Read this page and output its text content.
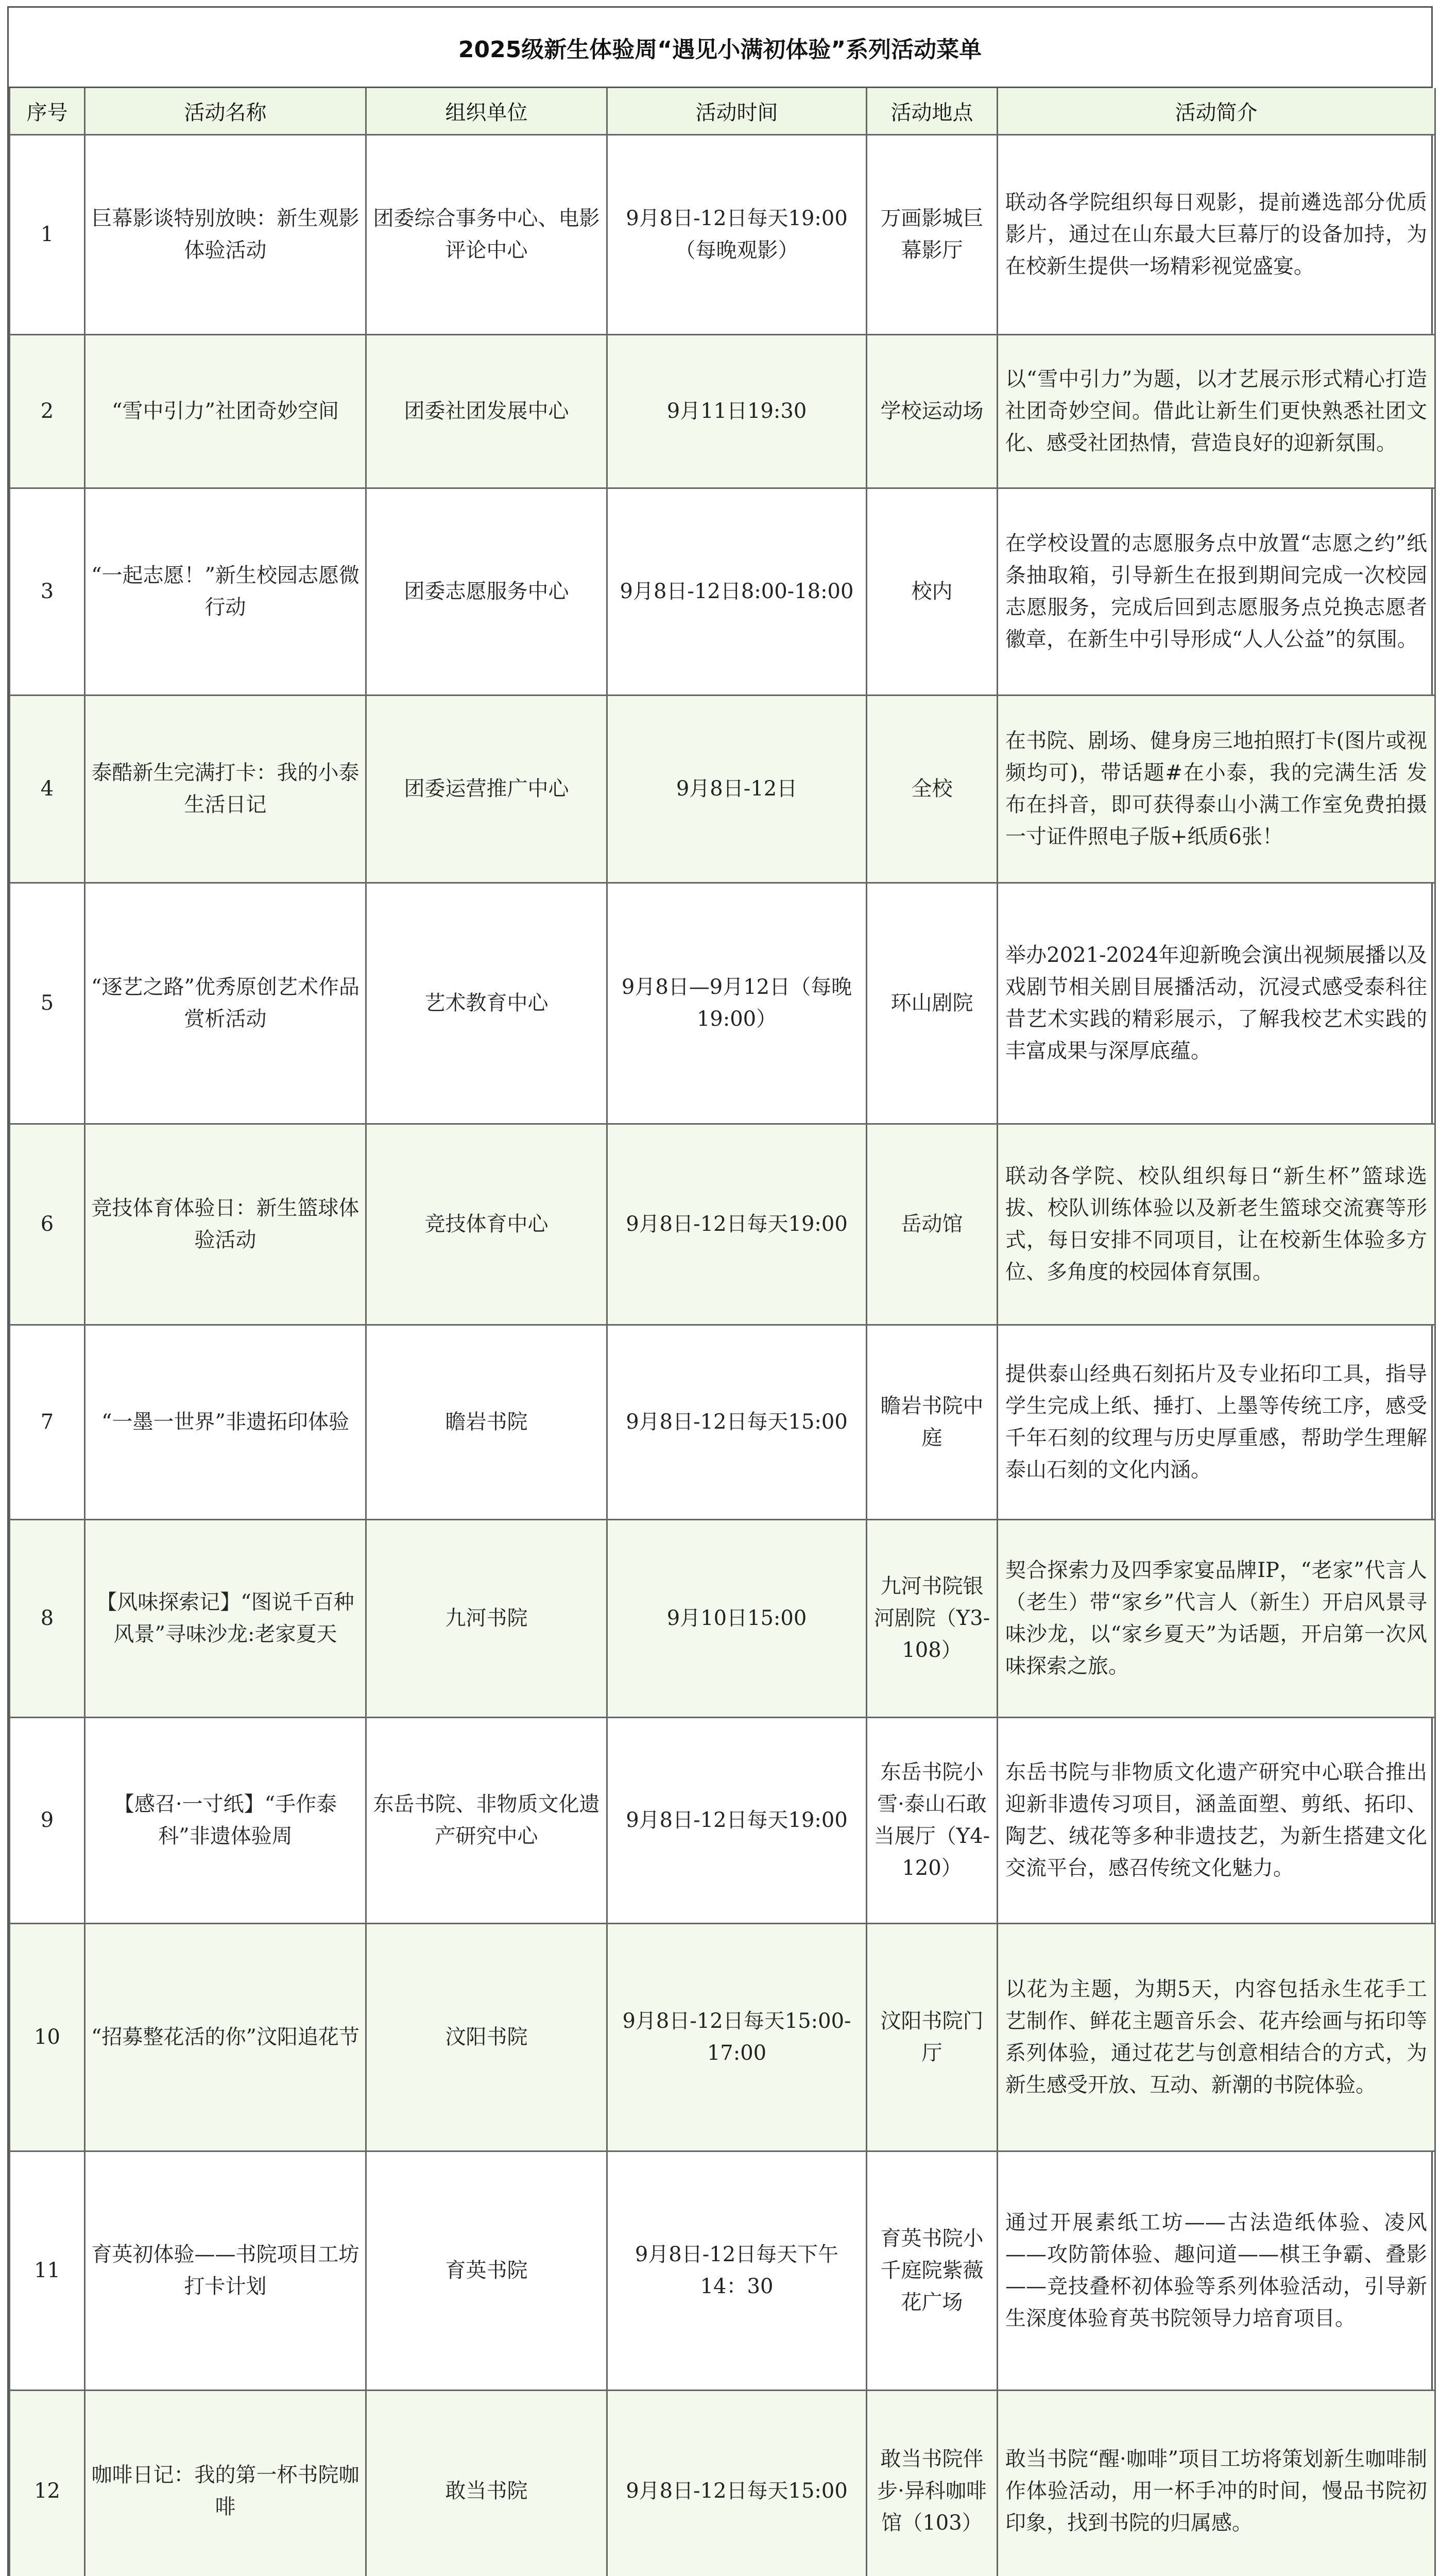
2025级新生体验周“遇见小满初体验”系列活动菜单
序号	活动名称	组织单位	活动时间	活动地点	活动简介
1	巨幕影谈特别放映：新生观影体验活动	团委综合事务中心、电影评论中心	9月8日-12日每天19:00（每晚观影）	万画影城巨幕影厅	联动各学院组织每日观影，提前遴选部分优质影片，通过在山东最大巨幕厅的设备加持，为在校新生提供一场精彩视觉盛宴。
2	“雪中引力”社团奇妙空间	团委社团发展中心	9月11日19:30	学校运动场	以“雪中引力”为题，以才艺展示形式精心打造社团奇妙空间。借此让新生们更快熟悉社团文化、感受社团热情，营造良好的迎新氛围。
3	“一起志愿！”新生校园志愿微行动	团委志愿服务中心	9月8日-12日8:00-18:00	校内	在学校设置的志愿服务点中放置“志愿之约”纸条抽取箱，引导新生在报到期间完成一次校园志愿服务，完成后回到志愿服务点兑换志愿者徽章，在新生中引导形成“人人公益”的氛围。
4	泰酷新生完满打卡：我的小泰生活日记	团委运营推广中心	9月8日-12日	全校	在书院、剧场、健身房三地拍照打卡(图片或视频均可)，带话题#在小泰，我的完满生活 发布在抖音，即可获得泰山小满工作室免费拍摄一寸证件照电子版+纸质6张！
5	“逐艺之路”优秀原创艺术作品赏析活动	艺术教育中心	9月8日—9月12日（每晚19:00）	环山剧院	举办2021-2024年迎新晚会演出视频展播以及戏剧节相关剧目展播活动，沉浸式感受泰科往昔艺术实践的精彩展示，了解我校艺术实践的丰富成果与深厚底蕴。
6	竞技体育体验日：新生篮球体验活动	竞技体育中心	9月8日-12日每天19:00	岳动馆	联动各学院、校队组织每日“新生杯”篮球选拔、校队训练体验以及新老生篮球交流赛等形式，每日安排不同项目，让在校新生体验多方位、多角度的校园体育氛围。
7	“一墨一世界”非遗拓印体验	瞻岩书院	9月8日-12日每天15:00	瞻岩书院中庭	提供泰山经典石刻拓片及专业拓印工具，指导学生完成上纸、捶打、上墨等传统工序，感受千年石刻的纹理与历史厚重感，帮助学生理解泰山石刻的文化内涵。
8	【风味探索记】“图说千百种风景”寻味沙龙:老家夏天	九河书院	9月10日15:00	九河书院银河剧院（Y3-108）	契合探索力及四季家宴品牌IP，“老家”代言人（老生）带“家乡”代言人（新生）开启风景寻味沙龙，以“家乡夏天”为话题，开启第一次风味探索之旅。
9	【感召·一寸纸】“手作泰科”非遗体验周	东岳书院、非物质文化遗产研究中心	9月8日-12日每天19:00	东岳书院小雪·泰山石敢当展厅（Y4-120）	东岳书院与非物质文化遗产研究中心联合推出迎新非遗传习项目，涵盖面塑、剪纸、拓印、陶艺、绒花等多种非遗技艺，为新生搭建文化交流平台，感召传统文化魅力。
10	“招募整花活的你”汶阳追花节	汶阳书院	9月8日-12日每天15:00-17:00	汶阳书院门厅	以花为主题，为期5天，内容包括永生花手工艺制作、鲜花主题音乐会、花卉绘画与拓印等系列体验，通过花艺与创意相结合的方式，为新生感受开放、互动、新潮的书院体验。
11	育英初体验——书院项目工坊打卡计划	育英书院	9月8日-12日每天下午14：30	育英书院小千庭院紫薇花广场	通过开展素纸工坊——古法造纸体验、凌风——攻防箭体验、趣问道——棋王争霸、叠影——竞技叠杯初体验等系列体验活动，引导新生深度体验育英书院领导力培育项目。
12	咖啡日记：我的第一杯书院咖啡	敢当书院	9月8日-12日每天15:00	敢当书院伴步·异科咖啡馆（103）	敢当书院“醒·咖啡”项目工坊将策划新生咖啡制作体验活动，用一杯手冲的时间，慢品书院初印象，找到书院的归属感。
